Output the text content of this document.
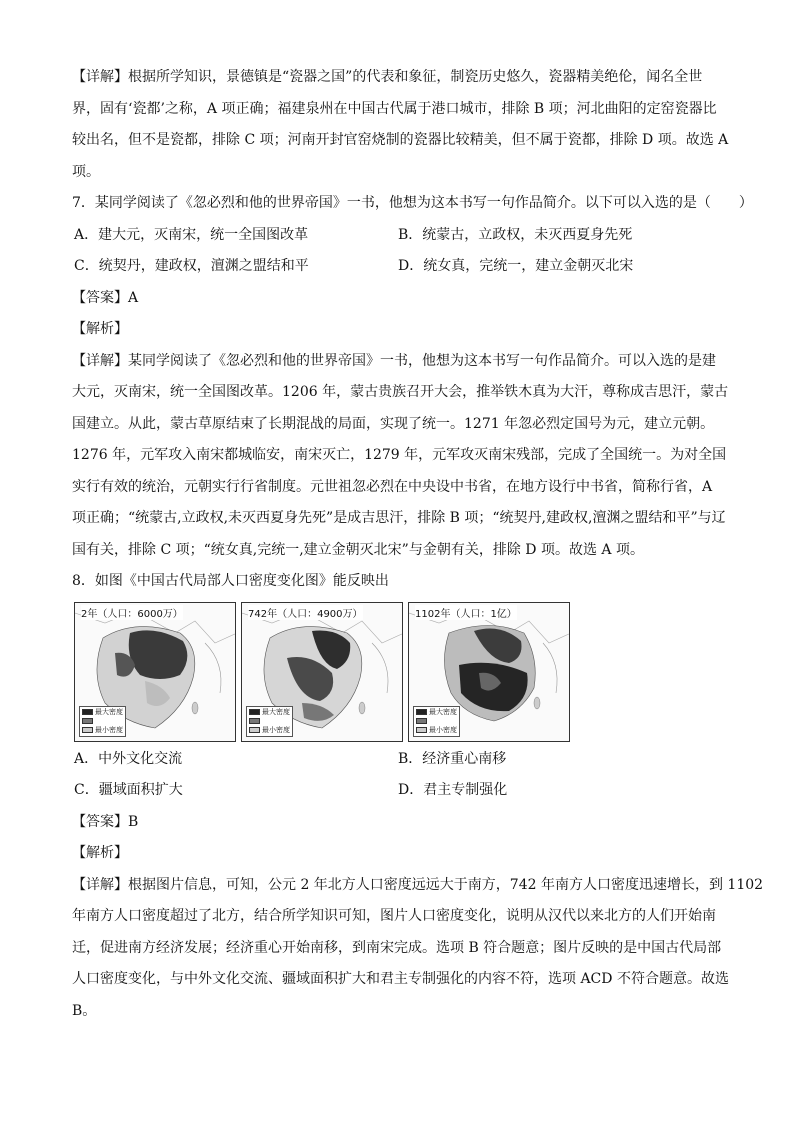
【详解】根据所学知识，景德镇是“瓷器之国”的代表和象征，制瓷历史悠久，瓷器精美绝伦，闻名全世

界，固有‘瓷都’之称，A 项正确；福建泉州在中国古代属于港口城市，排除 B 项；河北曲阳的定窑瓷器比

较出名，但不是瓷都，排除 C 项；河南开封官窑烧制的瓷器比较精美，但不属于瓷都，排除 D 项。故选 A

项。

7．某同学阅读了《忽必烈和他的世界帝国》一书，他想为这本书写一句作品简介。以下可以入选的是（　　）

A．建大元，灭南宋，统一全国图改革	B．统蒙古，立政权，未灭西夏身先死
C．统契丹，建政权，澶渊之盟结和平	D．统女真，完统一，建立金朝灭北宋

【答案】A

【解析】

【详解】某同学阅读了《忽必烈和他的世界帝国》一书，他想为这本书写一句作品简介。可以入选的是建

大元，灭南宋，统一全国图改革。1206 年，蒙古贵族召开大会，推举铁木真为大汗，尊称成吉思汗，蒙古

国建立。从此，蒙古草原结束了长期混战的局面，实现了统一。1271 年忽必烈定国号为元，建立元朝。

1276 年，元军攻入南宋都城临安，南宋灭亡，1279 年，元军攻灭南宋残部，完成了全国统一。为对全国

实行有效的统治，元朝实行行省制度。元世祖忽必烈在中央设中书省，在地方设行中书省，简称行省，A

项正确；“统蒙古,立政权,未灭西夏身先死”是成吉思汗，排除 B 项；“统契丹,建政权,澶渊之盟结和平”与辽

国有关，排除 C 项；“统女真,完统一,建立金朝灭北宋”与金朝有关，排除 D 项。故选 A 项。

8．如图《中国古代局部人口密度变化图》能反映出

2年（人口：6000万）
最大密度
最小密度
742年（人口：4900万）
最大密度
最小密度
1102年（人口：1亿）
最大密度
最小密度
A．中外文化交流	B．经济重心南移
C．疆域面积扩大	D．君主专制强化

【答案】B

【解析】

【详解】根据图片信息，可知，公元 2 年北方人口密度远远大于南方，742 年南方人口密度迅速增长，到 1102

年南方人口密度超过了北方，结合所学知识可知，图片人口密度变化，说明从汉代以来北方的人们开始南

迁，促进南方经济发展；经济重心开始南移，到南宋完成。选项 B 符合题意；图片反映的是中国古代局部

人口密度变化，与中外文化交流、疆域面积扩大和君主专制强化的内容不符，选项 ACD 不符合题意。故选

B。
